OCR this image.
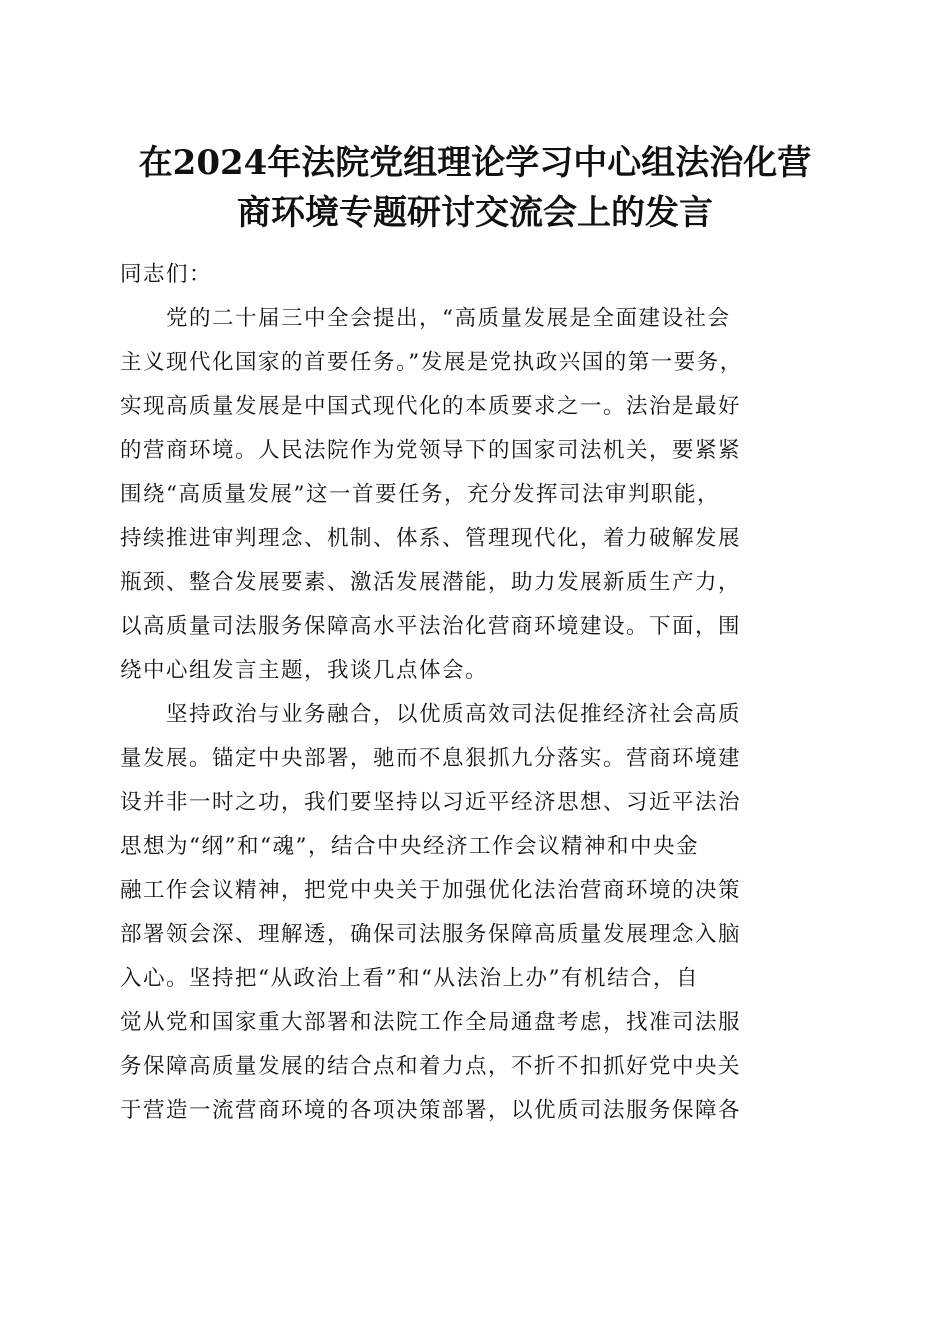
在2024年法院党组理论学习中心组法治化营
商环境专题研讨交流会上的发言

同志们：

　　党的二十届三中全会提出，“高质量发展是全面建设社会
主义现代化国家的首要任务。”发展是党执政兴国的第一要务，
实现高质量发展是中国式现代化的本质要求之一。法治是最好
的营商环境。人民法院作为党领导下的国家司法机关，要紧紧
围绕“高质量发展”这一首要任务，充分发挥司法审判职能，
持续推进审判理念、机制、体系、管理现代化，着力破解发展
瓶颈、整合发展要素、激活发展潜能，助力发展新质生产力，
以高质量司法服务保障高水平法治化营商环境建设。下面，围
绕中心组发言主题，我谈几点体会。
　　坚持政治与业务融合，以优质高效司法促推经济社会高质
量发展。锚定中央部署，驰而不息狠抓九分落实。营商环境建
设并非一时之功，我们要坚持以习近平经济思想、习近平法治
思想为“纲”和“魂”，结合中央经济工作会议精神和中央金
融工作会议精神，把党中央关于加强优化法治营商环境的决策
部署领会深、理解透，确保司法服务保障高质量发展理念入脑
入心。坚持把“从政治上看”和“从法治上办”有机结合，自
觉从党和国家重大部署和法院工作全局通盘考虑，找准司法服
务保障高质量发展的结合点和着力点，不折不扣抓好党中央关
于营造一流营商环境的各项决策部署，以优质司法服务保障各
